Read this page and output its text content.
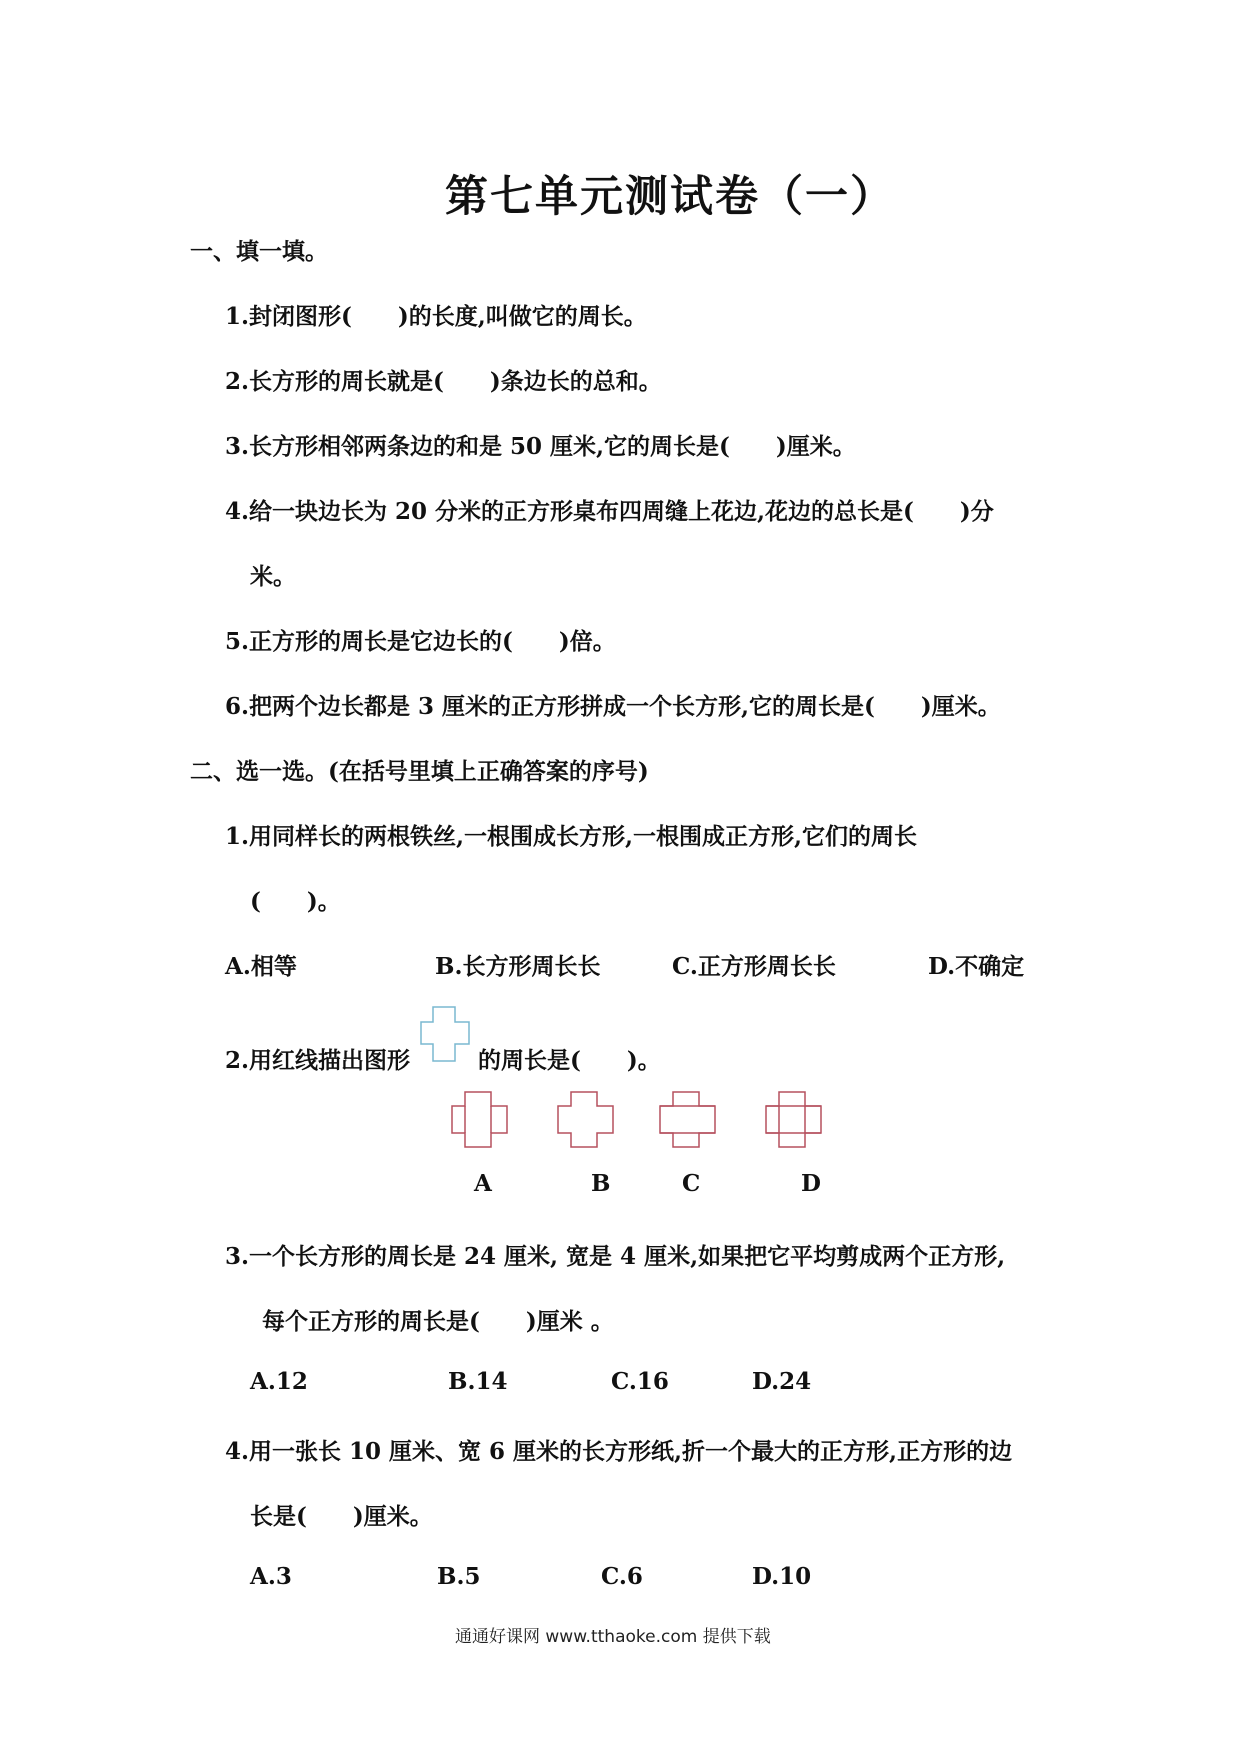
第七单元测试卷（一）
一、填一填。
1.封闭图形(　　)的长度,叫做它的周长。
2.长方形的周长就是(　　)条边长的总和。
3.长方形相邻两条边的和是 50 厘米,它的周长是(　　)厘米。
4.给一块边长为 20 分米的正方形桌布四周缝上花边,花边的总长是(　　)分
米。
5.正方形的周长是它边长的(　　)倍。
6.把两个边长都是 3 厘米的正方形拼成一个长方形,它的周长是(　　)厘米。
二、选一选。(在括号里填上正确答案的序号)
1.用同样长的两根铁丝,一根围成长方形,一根围成正方形,它们的周长
(　　)。
A.相等	B.长方形周长长	C.正方形周长长	D.不确定
2.用红线描出图形	的周长是(　　)。
A	B	C	D
3.一个长方形的周长是 24 厘米, 宽是 4 厘米,如果把它平均剪成两个正方形,
每个正方形的周长是(　　)厘米 。
A.12	B.14	C.16	D.24
4.用一张长 10 厘米、宽 6 厘米的长方形纸,折一个最大的正方形,正方形的边
长是(　　)厘米。
A.3	B.5	C.6	D.10
通通好课网 www.tthaoke.com 提供下载
